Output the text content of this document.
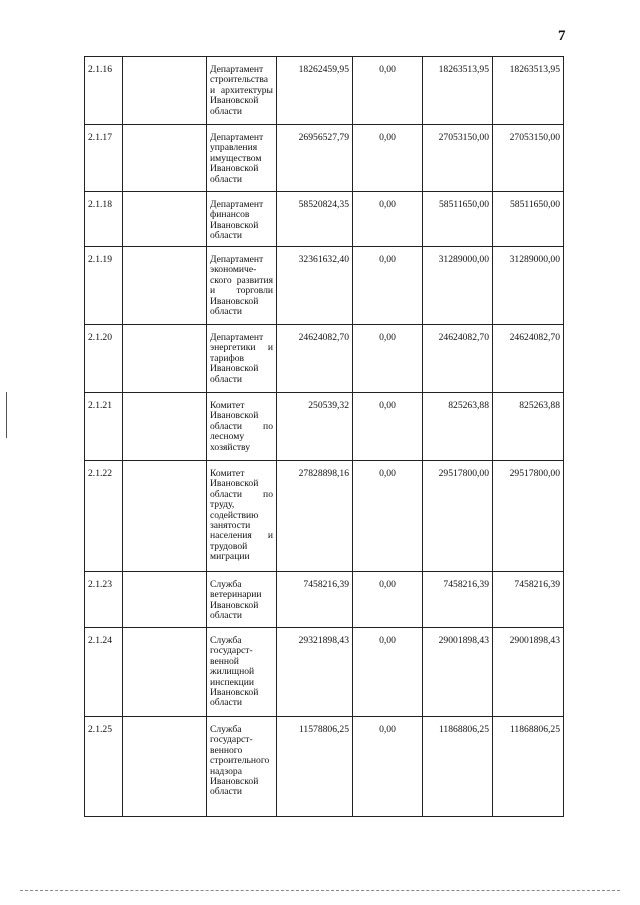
7
2.1.16		Департамент строительства и архитектуры Ивановской области	18262459,95	0,00	18263513,95	18263513,95
2.1.17		Департамент управления имуществом Ивановской области	26956527,79	0,00	27053150,00	27053150,00
2.1.18		Департамент финансов Ивановской области	58520824,35	0,00	58511650,00	58511650,00
2.1.19		Департамент экономиче-ского развития и торговли Ивановской области	32361632,40	0,00	31289000,00	31289000,00
2.1.20		Департамент энергетики и тарифов Ивановской области	24624082,70	0,00	24624082,70	24624082,70
2.1.21		Комитет Ивановской области по лесному хозяйству	250539,32	0,00	825263,88	825263,88
2.1.22		Комитет Ивановской области по труду, содействию занятости населения и трудовой миграции	27828898,16	0,00	29517800,00	29517800,00
2.1.23		Служба ветеринарии Ивановской области	7458216,39	0,00	7458216,39	7458216,39
2.1.24		Служба государст-венной жилищной инспекции Ивановской области	29321898,43	0,00	29001898,43	29001898,43
2.1.25		Служба государст-венного строительного надзора Ивановской области	11578806,25	0,00	11868806,25	11868806,25
